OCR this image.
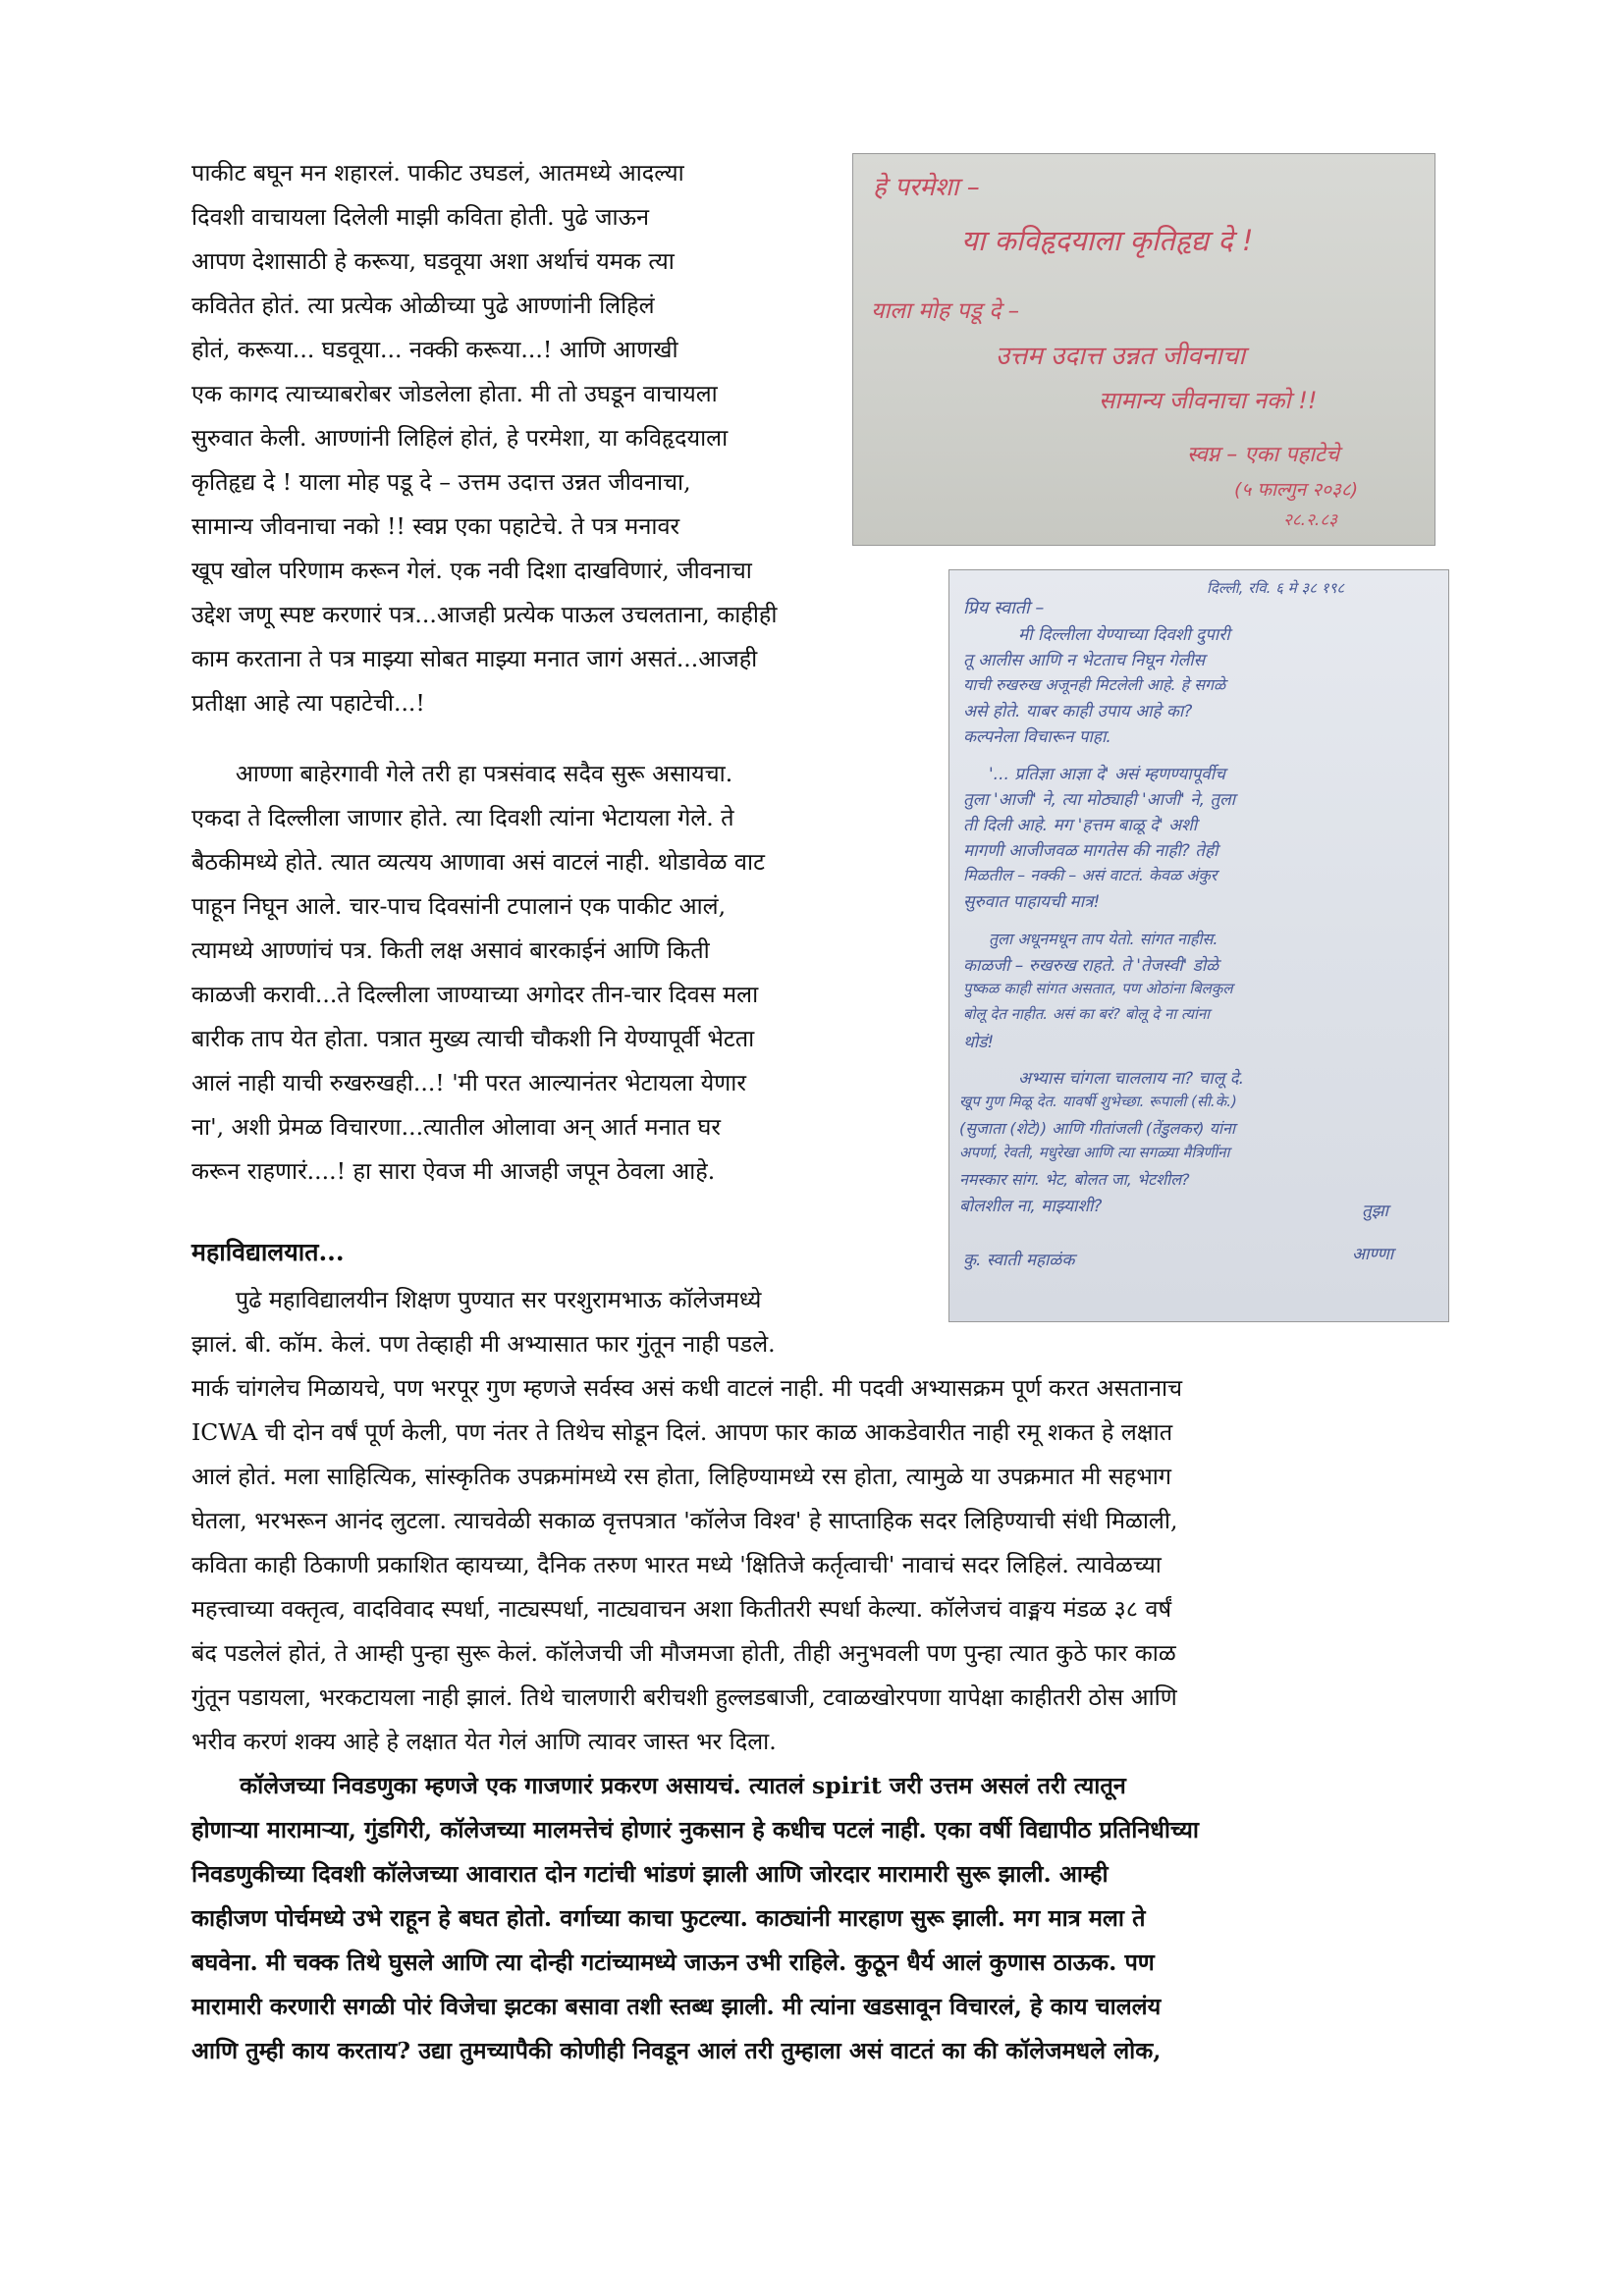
पाकीट बघून मन शहारलं. पाकीट उघडलं, आतमध्ये आदल्या
दिवशी वाचायला दिलेली माझी कविता होती. पुढे जाऊन
आपण देशासाठी हे करूया, घडवूया अशा अर्थाचं यमक त्या
कवितेत होतं. त्या प्रत्येक ओळीच्या पुढे आण्णांनी लिहिलं
होतं, करूया... घडवूया... नक्की करूया...! आणि आणखी
एक कागद त्याच्याबरोबर जोडलेला होता. मी तो उघडून वाचायला
सुरुवात केली. आण्णांनी लिहिलं होतं, हे परमेशा, या कविहृदयाला
कृतिहृद्य दे ! याला मोह पडू दे – उत्तम उदात्त उन्नत जीवनाचा,
सामान्य जीवनाचा नको !! स्वप्न एका पहाटेचे. ते पत्र मनावर
खूप खोल परिणाम करून गेलं. एक नवी दिशा दाखविणारं, जीवनाचा
उद्देश जणू स्पष्ट करणारं पत्र...आजही प्रत्येक पाऊल उचलताना, काहीही
काम करताना ते पत्र माझ्या सोबत माझ्या मनात जागं असतं...आजही
प्रतीक्षा आहे त्या पहाटेची...!
आण्णा बाहेरगावी गेले तरी हा पत्रसंवाद सदैव सुरू असायचा.
एकदा ते दिल्लीला जाणार होते. त्या दिवशी त्यांना भेटायला गेले. ते
बैठकीमध्ये होते. त्यात व्यत्यय आणावा असं वाटलं नाही. थोडावेळ वाट
पाहून निघून आले. चार-पाच दिवसांनी टपालानं एक पाकीट आलं,
त्यामध्ये आण्णांचं पत्र. किती लक्ष असावं बारकाईनं आणि किती
काळजी करावी...ते दिल्लीला जाण्याच्या अगोदर तीन-चार दिवस मला
बारीक ताप येत होता. पत्रात मुख्य त्याची चौकशी नि येण्यापूर्वी भेटता
आलं नाही याची रुखरुखही...! 'मी परत आल्यानंतर भेटायला येणार
ना', अशी प्रेमळ विचारणा...त्यातील ओलावा अन् आर्त मनात घर
करून राहणारं....! हा सारा ऐवज मी आजही जपून ठेवला आहे.
महाविद्यालयात...
पुढे महाविद्यालयीन शिक्षण पुण्यात सर परशुरामभाऊ कॉलेजमध्ये
झालं. बी. कॉम. केलं. पण तेव्हाही मी अभ्यासात फार गुंतून नाही पडले.
मार्क चांगलेच मिळायचे, पण भरपूर गुण म्हणजे सर्वस्व असं कधी वाटलं नाही. मी पदवी अभ्यासक्रम पूर्ण करत असतानाच
ICWA ची दोन वर्षं पूर्ण केली, पण नंतर ते तिथेच सोडून दिलं. आपण फार काळ आकडेवारीत नाही रमू शकत हे लक्षात
आलं होतं. मला साहित्यिक, सांस्कृतिक उपक्रमांमध्ये रस होता, लिहिण्यामध्ये रस होता, त्यामुळे या उपक्रमात मी सहभाग
घेतला, भरभरून आनंद लुटला. त्याचवेळी सकाळ वृत्तपत्रात 'कॉलेज विश्व' हे साप्ताहिक सदर लिहिण्याची संधी मिळाली,
कविता काही ठिकाणी प्रकाशित व्हायच्या, दैनिक तरुण भारत मध्ये 'क्षितिजे कर्तृत्वाची' नावाचं सदर लिहिलं. त्यावेळच्या
महत्त्वाच्या वक्तृत्व, वादविवाद स्पर्धा, नाट्यस्पर्धा, नाट्यवाचन अशा कितीतरी स्पर्धा केल्या. कॉलेजचं वाङ्मय मंडळ ३८ वर्षं
बंद पडलेलं होतं, ते आम्ही पुन्हा सुरू केलं. कॉलेजची जी मौजमजा होती, तीही अनुभवली पण पुन्हा त्यात कुठे फार काळ
गुंतून पडायला, भरकटायला नाही झालं. तिथे चालणारी बरीचशी हुल्लडबाजी, टवाळखोरपणा यापेक्षा काहीतरी ठोस आणि
भरीव करणं शक्य आहे हे लक्षात येत गेलं आणि त्यावर जास्त भर दिला.
कॉलेजच्या निवडणुका म्हणजे एक गाजणारं प्रकरण असायचं. त्यातलं spirit जरी उत्तम असलं तरी त्यातून
होणाऱ्या मारामाऱ्या, गुंडगिरी, कॉलेजच्या मालमत्तेचं होणारं नुकसान हे कधीच पटलं नाही. एका वर्षी विद्यापीठ प्रतिनिधीच्या
निवडणुकीच्या दिवशी कॉलेजच्या आवारात दोन गटांची भांडणं झाली आणि जोरदार मारामारी सुरू झाली. आम्ही
काहीजण पोर्चमध्ये उभे राहून हे बघत होतो. वर्गाच्या काचा फुटल्या. काठ्यांनी मारहाण सुरू झाली. मग मात्र मला ते
बघवेना. मी चक्क तिथे घुसले आणि त्या दोन्ही गटांच्यामध्ये जाऊन उभी राहिले. कुठून धैर्य आलं कुणास ठाऊक. पण
मारामारी करणारी सगळी पोरं विजेचा झटका बसावा तशी स्तब्ध झाली. मी त्यांना खडसावून विचारलं, हे काय चाललंय
आणि तुम्ही काय करताय? उद्या तुमच्यापैकी कोणीही निवडून आलं तरी तुम्हाला असं वाटतं का की कॉलेजमधले लोक,
हे परमेशा –
या कविहृदयाला कृतिहृद्य दे !
याला मोह पडू दे –
उत्तम उदात्त उन्नत जीवनाचा
सामान्य जीवनाचा नको !!
स्वप्न – एका पहाटेचे
(५ फाल्गुन २०३८)
२८.२.८३
दिल्ली, रवि. ६ मे ३८ १९८
प्रिय स्वाती –
मी दिल्लीला येण्याच्या दिवशी दुपारी
तू आलीस आणि न भेटताच निघून गेलीस
याची रुखरुख अजूनही मिटलेली आहे. हे सगळे
असे होते. याबर काही उपाय आहे का?
कल्पनेला विचारून पाहा.
'... प्रतिज्ञा आज्ञा दे' असं म्हणण्यापूर्वीच
तुला 'आजी' ने, त्या मोठ्याही 'आजी' ने, तुला
ती दिली आहे. मग 'हत्तम बाळू दे' अशी
मागणी आजीजवळ मागतेस की नाही? तेही
मिळतील – नक्की – असं वाटतं. केवळ अंकुर
सुरुवात पाहायची मात्र!
तुला अधूनमधून ताप येतो. सांगत नाहीस.
काळजी – रुखरुख राहते. ते 'तेजस्वी' डोळे
पुष्कळ काही सांगत असतात, पण ओठांना बिलकुल
बोलू देत नाहीत. असं का बरं? बोलू दे ना त्यांना
थोडं!
अभ्यास चांगला चाललाय ना? चालू दे.
खूप गुण मिळू देत. यावर्षी शुभेच्छा. रूपाली (सी.के.)
(सुजाता (शेटे)) आणि गीतांजली (तेंडुलकर) यांना
अपर्णा, रेवती, मधुरेखा आणि त्या सगळ्या मैत्रिणींना
नमस्कार सांग. भेट, बोलत जा, भेटशील?
बोलशील ना, माझ्याशी?
कु. स्वाती महाळंक
तुझा
आण्णा
